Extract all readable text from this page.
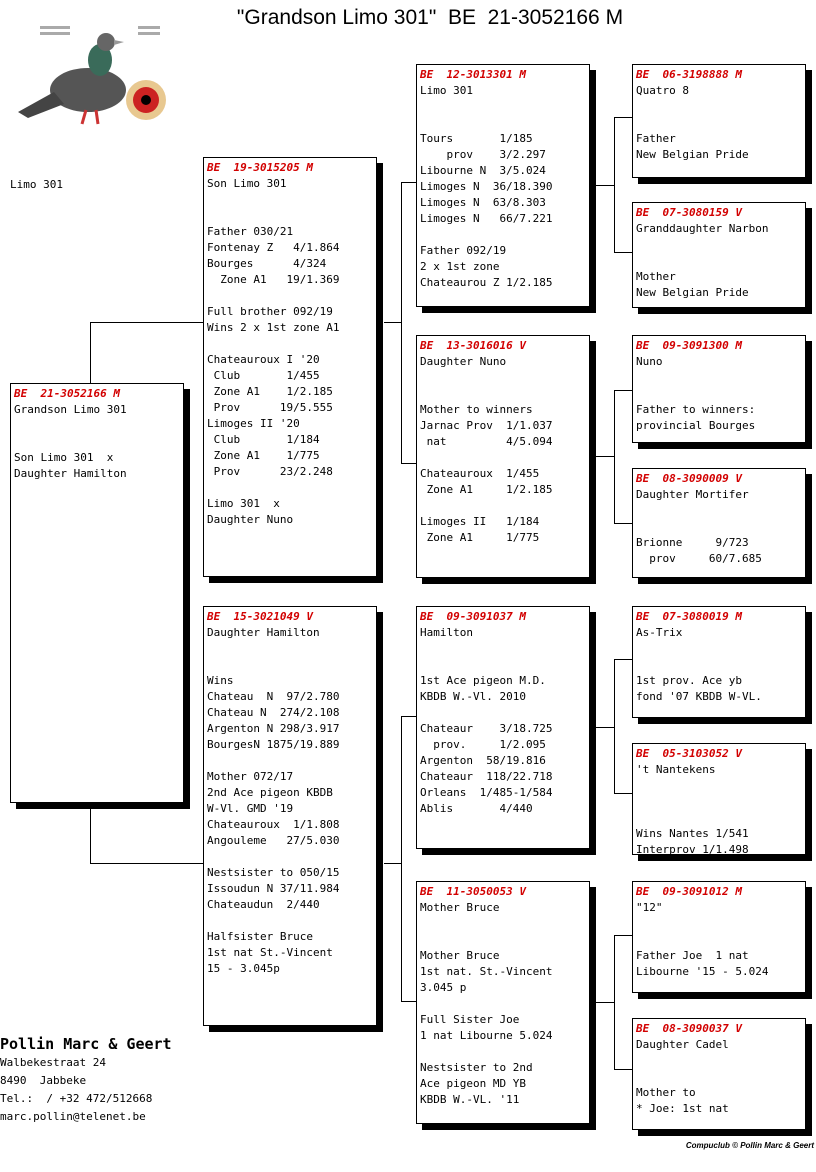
"Grandson Limo 301"  BE  21-3052166 M
Limo 301
BE  21-3052166 M
Grandson Limo 301
Son Limo 301  x
Daughter Hamilton
BE  19-3015205 M
Son Limo 301
Father 030/21
Fontenay Z   4/1.864
Bourges      4/324
Zone A1   19/1.369
Full brother 092/19
Wins 2 x 1st zone A1
Chateauroux I '20
Club       1/455
Zone A1    1/2.185
Prov      19/5.555
Limoges II '20
Club       1/184
Zone A1    1/775
Prov      23/2.248
Limo 301  x
Daughter Nuno
BE  15-3021049 V
Daughter Hamilton
Wins
Chateau  N  97/2.780
Chateau N  274/2.108
Argenton N 298/3.917
BourgesN 1875/19.889
Mother 072/17
2nd Ace pigeon KBDB
W-Vl. GMD '19
Chateauroux  1/1.808
Angouleme   27/5.030
Nestsister to 050/15
Issoudun N 37/11.984
Chateaudun  2/440
Halfsister Bruce
1st nat St.-Vincent
15 - 3.045p
BE  12-3013301 M
Limo 301
Tours       1/185
prov    3/2.297
Libourne N  3/5.024
Limoges N  36/18.390
Limoges N  63/8.303
Limoges N   66/7.221
Father 092/19
2 x 1st zone
Chateaurou Z 1/2.185
BE  13-3016016 V
Daughter Nuno
Mother to winners
Jarnac Prov  1/1.037
nat         4/5.094
Chateauroux  1/455
Zone A1     1/2.185
Limoges II   1/184
Zone A1     1/775
BE  09-3091037 M
Hamilton
1st Ace pigeon M.D.
KBDB W.-Vl. 2010
Chateaur    3/18.725
prov.     1/2.095
Argenton  58/19.816
Chateaur  118/22.718
Orleans  1/485-1/584
Ablis       4/440
BE  11-3050053 V
Mother Bruce
Mother Bruce
1st nat. St.-Vincent
3.045 p
Full Sister Joe
1 nat Libourne 5.024
Nestsister to 2nd
Ace pigeon MD YB
KBDB W.-VL. '11
BE  06-3198888 M
Quatro 8
Father
New Belgian Pride
BE  07-3080159 V
Granddaughter Narbon
Mother
New Belgian Pride
BE  09-3091300 M
Nuno
Father to winners:
provincial Bourges
BE  08-3090009 V
Daughter Mortifer
Brionne     9/723
prov     60/7.685
BE  07-3080019 M
As-Trix
1st prov. Ace yb
fond '07 KBDB W-VL.
BE  05-3103052 V
't Nantekens
Wins Nantes 1/541
Interprov 1/1.498
BE  09-3091012 M
"12"
Father Joe  1 nat
Libourne '15 - 5.024
BE  08-3090037 V
Daughter Cadel
Mother to
* Joe: 1st nat
Pollin Marc & Geert
Walbekestraat 24
8490  Jabbeke
Tel.:  / +32 472/512668
marc.pollin@telenet.be
Compuclub © Pollin Marc & Geert
